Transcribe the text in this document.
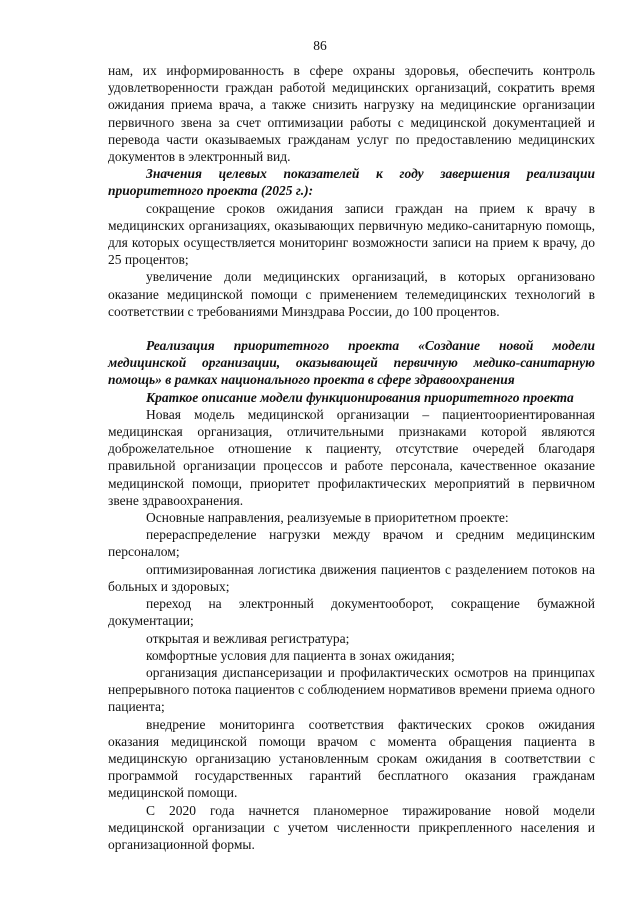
86

нам, их информированность в сфере охраны здоровья, обеспечить контроль удовлетворенности граждан работой медицинских организаций, сократить время ожидания приема врача, а также снизить нагрузку на медицинские организации первичного звена за счет оптимизации работы с медицинской документацией и перевода части оказываемых гражданам услуг по предоставлению медицинских документов в электронный вид.

Значения целевых показателей к году завершения реализации приоритетного проекта (2025 г.):

сокращение сроков ожидания записи граждан на прием к врачу в медицинских организациях, оказывающих первичную медико-санитарную помощь, для которых осуществляется мониторинг возможности записи на прием к врачу, до 25 процентов;

увеличение доли медицинских организаций, в которых организовано оказание медицинской помощи с применением телемедицинских технологий в соответствии с требованиями Минздрава России, до 100 процентов.

Реализация приоритетного проекта «Создание новой модели медицинской организации, оказывающей первичную медико-санитарную помощь» в рамках национального проекта в сфере здравоохранения

Краткое описание модели функционирования приоритетного проекта

Новая модель медицинской организации – пациентоориентированная медицинская организация, отличительными признаками которой являются доброжелательное отношение к пациенту, отсутствие очередей благодаря правильной организации процессов и работе персонала, качественное оказание медицинской помощи, приоритет профилактических мероприятий в первичном звене здравоохранения.

Основные направления, реализуемые в приоритетном проекте:

перераспределение нагрузки между врачом и средним медицинским персоналом;

оптимизированная логистика движения пациентов с разделением потоков на больных и здоровых;

переход на электронный документооборот, сокращение бумажной документации;

открытая и вежливая регистратура;

комфортные условия для пациента в зонах ожидания;

организация диспансеризации и профилактических осмотров на принципах непрерывного потока пациентов с соблюдением нормативов времени приема одного пациента;

внедрение мониторинга соответствия фактических сроков ожидания оказания медицинской помощи врачом с момента обращения пациента в медицинскую организацию установленным срокам ожидания в соответствии с программой государственных гарантий бесплатного оказания гражданам медицинской помощи.

С 2020 года начнется планомерное тиражирование новой модели медицинской организации с учетом численности прикрепленного населения и организационной формы.
